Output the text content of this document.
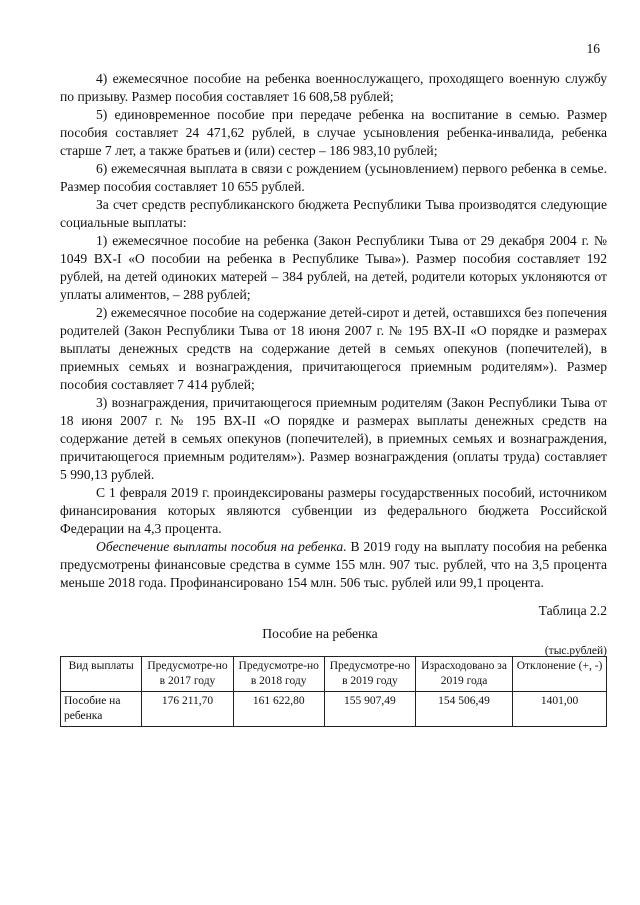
16

4) ежемесячное пособие на ребенка военнослужащего, проходящего военную службу по призыву. Размер пособия составляет 16 608,58 рублей;

5) единовременное пособие при передаче ребенка на воспитание в семью. Размер пособия составляет 24 471,62 рублей, в случае усыновления ребенка-инвалида, ребенка старше 7 лет, а также братьев и (или) сестер – 186 983,10 рублей;

6) ежемесячная выплата в связи с рождением (усыновлением) первого ребенка в семье. Размер пособия составляет 10 655 рублей.

За счет средств республиканского бюджета Республики Тыва производятся следующие социальные выплаты:

1) ежемесячное пособие на ребенка (Закон Республики Тыва от 29 декабря 2004 г. № 1049 ВХ-I «О пособии на ребенка в Республике Тыва»). Размер пособия составляет 192 рублей, на детей одиноких матерей – 384 рублей, на детей, родители которых уклоняются от уплаты алиментов, – 288 рублей;

2) ежемесячное пособие на содержание детей-сирот и детей, оставшихся без попечения родителей (Закон Республики Тыва от 18 июня 2007 г. № 195 ВХ-II «О порядке и размерах выплаты денежных средств на содержание детей в семьях опекунов (попечителей), в приемных семьях и вознаграждения, причитающегося приемным родителям»). Размер пособия составляет 7 414 рублей;

3) вознаграждения, причитающегося приемным родителям (Закон Республики Тыва от 18 июня 2007 г. № 195 ВХ-II «О порядке и размерах выплаты денежных средств на содержание детей в семьях опекунов (попечителей), в приемных семьях и вознаграждения, причитающегося приемным родителям»). Размер вознаграждения (оплаты труда) составляет 5 990,13 рублей.

С 1 февраля 2019 г. проиндексированы размеры государственных пособий, источником финансирования которых являются субвенции из федерального бюджета Российской Федерации на 4,3 процента.

Обеспечение выплаты пособия на ребенка. В 2019 году на выплату пособия на ребенка предусмотрены финансовые средства в сумме 155 млн. 907 тыс. рублей, что на 3,5 процента меньше 2018 года. Профинансировано 154 млн. 506 тыс. рублей или 99,1 процента.

Таблица 2.2
Пособие на ребенка
(тыс.рублей)
Вид выплаты	Предусмотре-но в 2017 году	Предусмотре-но в 2018 году	Предусмотре-но в 2019 году	Израсходовано за 2019 года	Отклонение (+, -)
Пособие на ребенка	176 211,70	161 622,80	155 907,49	154 506,49	1401,00
